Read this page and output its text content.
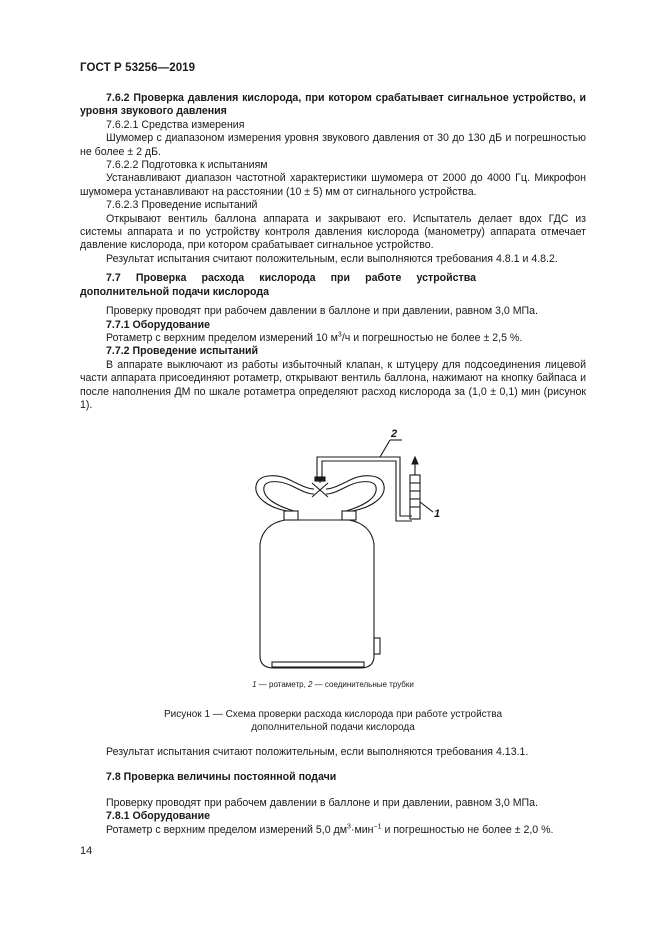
ГОСТ Р 53256—2019

7.6.2 Проверка давления кислорода, при котором срабатывает сигнальное устройство, и уровня звукового давления

7.6.2.1 Средства измерения

Шумомер с диапазоном измерения уровня звукового давления от 30 до 130 дБ и погрешностью не более ± 2 дБ.

7.6.2.2 Подготовка к испытаниям

Устанавливают диапазон частотной характеристики шумомера от 2000 до 4000 Гц. Микрофон шумомера устанавливают на расстоянии (10 ± 5) мм от сигнального устройства.

7.6.2.3 Проведение испытаний

Открывают вентиль баллона аппарата и закрывают его. Испытатель делает вдох ГДС из системы аппарата и по устройству контроля давления кислорода (манометру) аппарата отмечает давление кислорода, при котором срабатывает сигнальное устройство.

Результат испытания считают положительным, если выполняются требования 4.8.1 и 4.8.2.

7.7 Проверка расхода кислорода при работе устройства дополнительной подачи кислорода

Проверку проводят при рабочем давлении в баллоне и при давлении, равном 3,0 МПа.

7.7.1 Оборудование

Ротаметр с верхним пределом измерений 10 $м^3/ч$ и погрешностью не более ± 2,5 %.

7.7.2 Проведение испытаний

В аппарате выключают из работы избыточный клапан, к штуцеру для подсоединения лицевой части аппарата присоединяют ротаметр, открывают вентиль баллона, нажимают на кнопку байпаса и после наполнения ДМ по шкале ротаметра определяют расход кислорода за (1,0 ± 0,1) мин (рисунок 1).

2
1
1 — ротаметр, 2 — соединительные трубки
Рисунок 1 — Схема проверки расхода кислорода при работе устройства
дополнительной подачи кислорода

Результат испытания считают положительным, если выполняются требования 4.13.1.

7.8 Проверка величины постоянной подачи

Проверку проводят при рабочем давлении в баллоне и при давлении, равном 3,0 МПа.

7.8.1 Оборудование

Ротаметр с верхним пределом измерений 5,0 $дм^3\cdot мин^{-1}$ и погрешностью не более ± 2,0 %.

14
